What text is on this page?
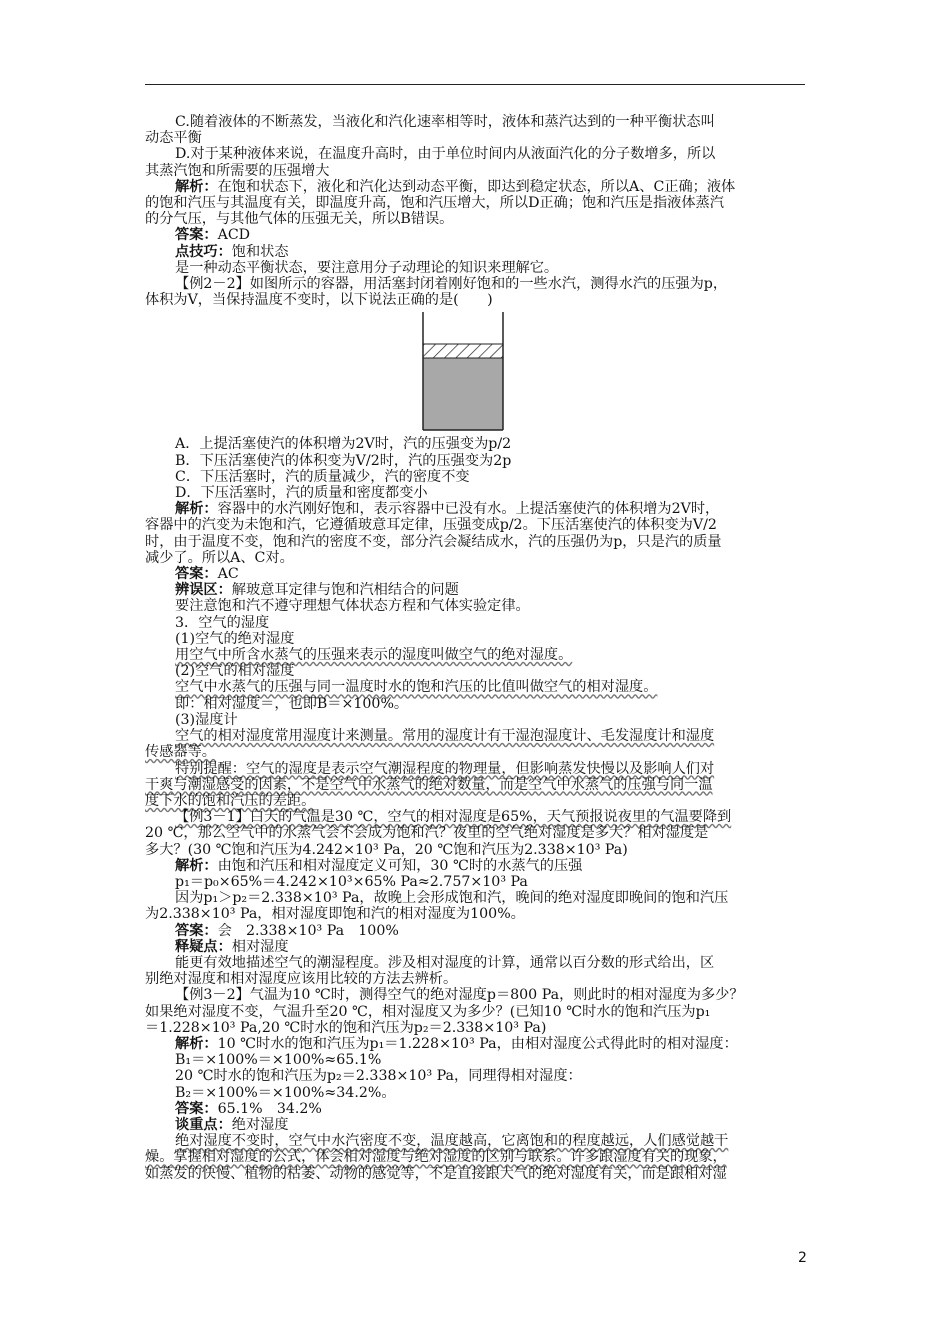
C.随着液体的不断蒸发，当液化和汽化速率相等时，液体和蒸汽达到的一种平衡状态叫
动态平衡
D.对于某种液体来说，在温度升高时，由于单位时间内从液面汽化的分子数增多，所以
其蒸汽饱和所需要的压强增大
解析：在饱和状态下，液化和汽化达到动态平衡，即达到稳定状态，所以A、C正确；液体
的饱和汽压与其温度有关，即温度升高，饱和汽压增大，所以D正确；饱和汽压是指液体蒸汽
的分气压，与其他气体的压强无关，所以B错误。
答案：ACD
点技巧：饱和状态
是一种动态平衡状态，要注意用分子动理论的知识来理解它。
【例2－2】如图所示的容器，用活塞封闭着刚好饱和的一些水汽，测得水汽的压强为p，
体积为V，当保持温度不变时，以下说法正确的是(　　)
A．上提活塞使汽的体积增为2V时，汽的压强变为p/2
B．下压活塞使汽的体积变为V/2时，汽的压强变为2p
C．下压活塞时，汽的质量减少，汽的密度不变
D．下压活塞时，汽的质量和密度都变小
解析：容器中的水汽刚好饱和，表示容器中已没有水。上提活塞使汽的体积增为2V时，
容器中的汽变为未饱和汽，它遵循玻意耳定律，压强变成p/2。下压活塞使汽的体积变为V/2
时，由于温度不变，饱和汽的密度不变，部分汽会凝结成水，汽的压强仍为p，只是汽的质量
减少了。所以A、C对。
答案：AC
辨误区：解玻意耳定律与饱和汽相结合的问题
要注意饱和汽不遵守理想气体状态方程和气体实验定律。
3．空气的湿度
(1)空气的绝对湿度
用空气中所含水蒸气的压强来表示的湿度叫做空气的绝对湿度。
(2)空气的相对湿度
空气中水蒸气的压强与同一温度时水的饱和汽压的比值叫做空气的相对湿度。
即：相对湿度＝，也即B＝×100%。
(3)湿度计
空气的相对湿度常用湿度计来测量。常用的湿度计有干湿泡湿度计、毛发湿度计和湿度
传感器等。
特别提醒：空气的湿度是表示空气潮湿程度的物理量，但影响蒸发快慢以及影响人们对
干爽与潮湿感受的因素，不是空气中水蒸气的绝对数量，而是空气中水蒸气的压强与同一温
度下水的饱和汽压的差距。
【例3－1】白天的气温是30 ℃，空气的相对湿度是65%，天气预报说夜里的气温要降到
20 ℃，那么空气中的水蒸气会不会成为饱和汽？夜里的空气绝对湿度是多大？相对湿度是
多大？(30 ℃饱和汽压为4.242×10³ Pa，20 ℃饱和汽压为2.338×10³ Pa)
解析：由饱和汽压和相对湿度定义可知，30 ℃时的水蒸气的压强
p₁＝p₀×65%＝4.242×10³×65% Pa≈2.757×10³ Pa
因为p₁＞p₂＝2.338×10³ Pa，故晚上会形成饱和汽，晚间的绝对湿度即晚间的饱和汽压
为2.338×10³ Pa，相对湿度即饱和汽的相对湿度为100%。
答案：会　2.338×10³ Pa　100%
释疑点：相对湿度
能更有效地描述空气的潮湿程度。涉及相对湿度的计算，通常以百分数的形式给出，区
别绝对湿度和相对湿度应该用比较的方法去辨析。
【例3－2】气温为10 ℃时，测得空气的绝对湿度p＝800 Pa，则此时的相对湿度为多少？
如果绝对湿度不变，气温升至20 ℃，相对湿度又为多少？(已知10 ℃时水的饱和汽压为p₁
＝1.228×10³ Pa,20 ℃时水的饱和汽压为p₂＝2.338×10³ Pa)
解析：10 ℃时水的饱和汽压为p₁＝1.228×10³ Pa，由相对湿度公式得此时的相对湿度：
B₁＝×100%＝×100%≈65.1%
20 ℃时水的饱和汽压为p₂＝2.338×10³ Pa，同理得相对湿度：
B₂＝×100%＝×100%≈34.2%。
答案：65.1%　34.2%
谈重点：绝对湿度
绝对湿度不变时，空气中水汽密度不变，温度越高，它离饱和的程度越远，人们感觉越干
燥。掌握相对湿度的公式，体会相对湿度与绝对湿度的区别与联系。许多跟湿度有关的现象，
如蒸发的快慢、植物的枯萎、动物的感觉等，不是直接跟大气的绝对湿度有关，而是跟相对湿
2
